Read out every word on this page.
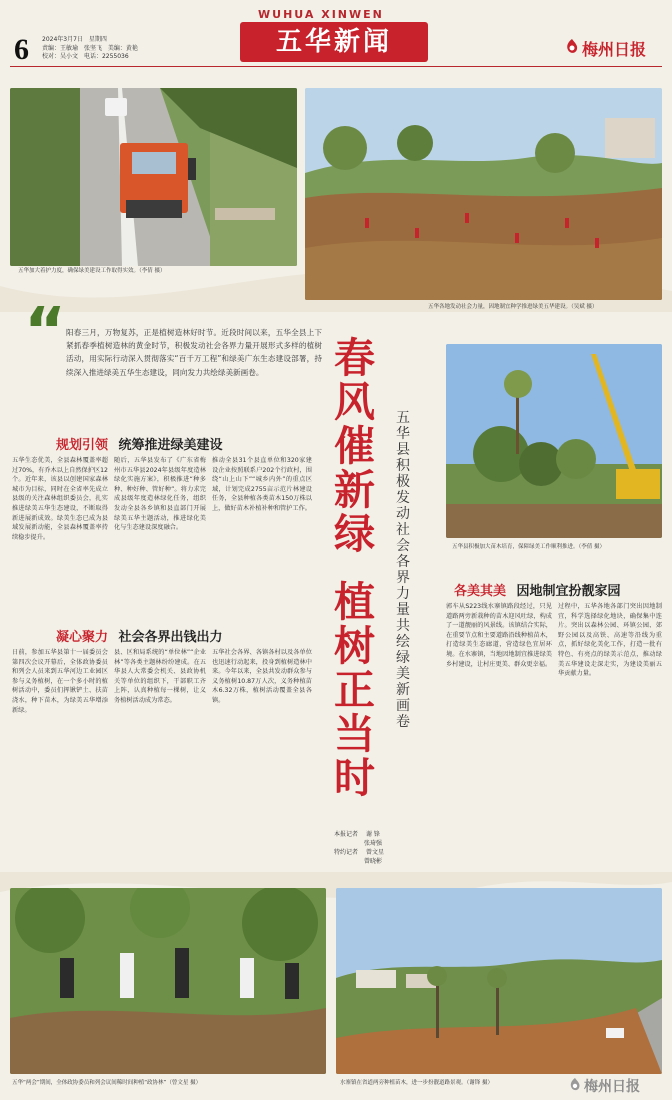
6 2024年3月7日 星期四
责编：王敏瑜 张坚飞 美编：黄艳
校对：吴小文 电话：2255036
WUHUA XINWEN
五华新闻	梅州日报
五华加大着护力度，确保绿美建设工作取得实效。（李倩 摄）
五华各地发动社会力量，因地制宜种学推进绿美五华建设。（吴斌 摄）
“ 阳春三月，万物复苏，正是植树造林好时节。近段时间以来，五华全县上下紧抓春季植树造林的黄金时节，积极发动社会各界力量开展形式多样的植树活动，用实际行动深入贯彻落实“百千万工程”和绿美广东生态建设部署，持续深入推进绿美五华生态建设，同向发力共绘绿美新画卷。	春风催新绿
植树正当时
五华县积极发动社会各界力量共绘绿美新画卷
五华县积极加大苗木培育，保障绿美工作顺利推进。（李倩 摄）
规划引领 统筹推进绿美建设
五华生态优美，全县森林覆盖率超过70%，有乔木以上自然保护区12个。近年来，该县以创建国家森林城市为目标，同时在全省率先成立县级的关注森林组织委员会，扎实推进绿美五华生态建设，不断取得新进展新成效。绿美生态已成为县域发展新动能，全县森林覆盖率持续稳步提升。
随后，五华县发布了《广东省梅州市五华县2024年县级年度造林绿化实施方案》，积极推进“种多种、种好种、管好种”。将力求完成县级年度造林绿化任务，组织发动全县各乡镇和县直部门开展绿美五华主题活动，推进绿化美化与生态建设深度融合。
推动全县31个县直单位和320家建设企业按照联系户202个行政村，围绕“山上山下”“城乡内外”的重点区域，计划完成2755亩示范片林建设任务，全县种植各类苗木150万株以上，做好苗木补植补种和管护工作。
凝心聚力 社会各界出钱出力
日前，参加五华县第十一届委员会第四次会议开幕后，全体政协委员和列会人员来到五华河边工业园区参与义务植树，在一个多小时的植树活动中，委员们挥锹铲土、扶苗浇水，种下苗木，为绿美五华增添新绿。
县、区和局系统的“单位林”“企业林”等各类主题林纷纷建成。在五华县人大常委会机关、县政协机关等单位的组织下，干部职工齐上阵，认真种植每一棵树，让义务植树活动成为常态。
五华社会各界、各镇各村以及各单位也迅速行动起来，投身到植树造林中来。今年以来，全县共发动群众参与义务植树10.87万人次，义务种植苗木6.32万株，植树活动覆盖全县各镇。
本报记者 谢 锋
张琦强
特约记者 曾文星
曾晓彬
各美其美 因地制宜扮靓家园
郭车从S223线水寨镇路段经过，只见道路两旁新栽种的苗木迎风吐绿，构成了一道靓丽的风景线。该镇结合实际，在重要节点和主要道路沿线种植苗木，打造绿美生态廊道，营造绿色宜居环境。在水寨镇，当地因地制宜推进绿美乡村建设，让村庄更美、群众更幸福。
过程中，五华各地各部门突出因地制宜，科学选择绿化地块，确保集中连片。突出以森林公园、环镇公园、郊野公园以及高铁、高速等沿线为重点，抓好绿化美化工作，打造一批有特色、有亮点的绿美示范点，推动绿美五华建设走深走实，为建设美丽五华贡献力量。
五华“两会”期间，全体政协委员和列会议间稀时间种植“政协林”（曾文星 摄）	水寨镇在省道两旁种植苗木，进一步扮靓道路景观。（谢锋 摄）	梅州日报
